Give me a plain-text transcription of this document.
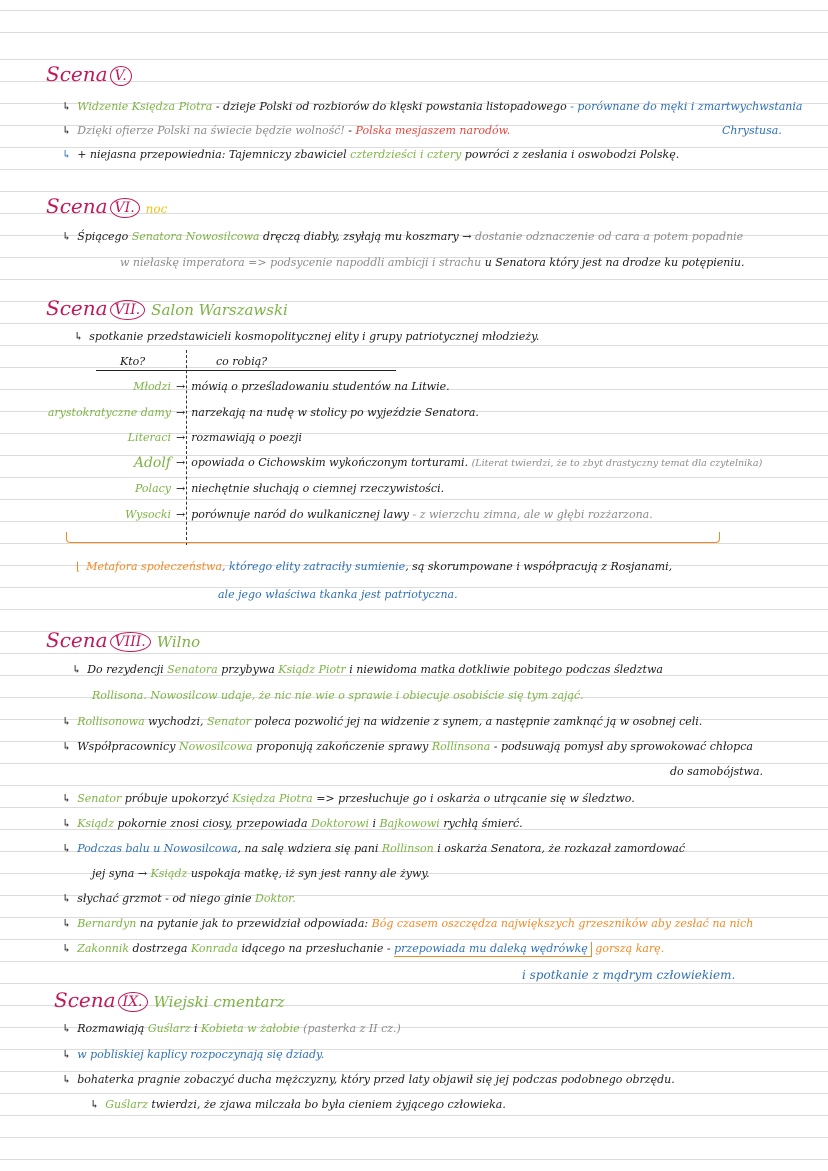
Scena V.
↳ Widzenie Księdza Piotra - dzieje Polski od rozbiorów do klęski powstania listopadowego - porównane do męki i zmartwychwstania
↳ Dzięki ofierze Polski na świecie będzie wolność! - Polska mesjaszem narodów.	Chrystusa.
↳ + niejasna przepowiednia: Tajemniczy zbawiciel czterdzieści i cztery powróci z zesłania i oswobodzi Polskę.
Scena VI. noc
↳ Śpiącego Senatora Nowosilcowa dręczą diabły, zsyłają mu koszmary → dostanie odznaczenie od cara a potem popadnie
w niełaskę imperatora => podsycenie napoddli ambicji i strachu u Senatora który jest na drodze ku potępieniu.
Scena VII. Salon Warszawski
↳ spotkanie przedstawicieli kosmopolitycznej elity i grupy patriotycznej młodzieży.
Kto?	co robią?
Młodzi → mówią o prześladowaniu studentów na Litwie.
arystokratyczne damy → narzekają na nudę w stolicy po wyjeździe Senatora.
Literaci → rozmawiają o poezji
Adolf → opowiada o Cichowskim wykończonym torturami. (Literat twierdzi, że to zbyt drastyczny temat dla czytelnika)
Polacy → niechętnie słuchają o ciemnej rzeczywistości.
Wysocki → porównuje naród do wulkanicznej lawy - z wierzchu zimna, ale w głębi rozżarzona.
⌊ Metafora społeczeństwa, którego elity zatraciły sumienie, są skorumpowane i współpracują z Rosjanami,
ale jego właściwa tkanka jest patriotyczna.
Scena VIII. Wilno
↳ Do rezydencji Senatora przybywa Ksiądz Piotr i niewidoma matka dotkliwie pobitego podczas śledztwa
Rollisona. Nowosilcow udaje, że nic nie wie o sprawie i obiecuje osobiście się tym zająć.
↳ Rollisonowa wychodzi, Senator poleca pozwolić jej na widzenie z synem, a następnie zamknąć ją w osobnej celi.
↳ Współpracownicy Nowosilcowa proponują zakończenie sprawy Rollinsona - podsuwają pomysł aby sprowokować chłopca
do samobójstwa.
↳ Senator próbuje upokorzyć Księdza Piotra => przesłuchuje go i oskarża o utrącanie się w śledztwo.
↳ Ksiądz pokornie znosi ciosy, przepowiada Doktorowi i Bajkowowi rychłą śmierć.
↳ Podczas balu u Nowosilcowa, na salę wdziera się pani Rollinson i oskarża Senatora, że rozkazał zamordować
jej syna → Ksiądz uspokaja matkę, iż syn jest ranny ale żywy.
↳ słychać grzmot - od niego ginie Doktor.
↳ Bernardyn na pytanie jak to przewidział odpowiada: Bóg czasem oszczędza największych grzeszników aby zesłać na nich
↳ Zakonnik dostrzega Konrada idącego na przesłuchanie - przepowiada mu daleką wędrówkę gorszą karę.
i spotkanie z mądrym człowiekiem.
Scena IX. Wiejski cmentarz
↳ Rozmawiają Guślarz i Kobieta w żałobie (pasterka z II cz.)
↳ w pobliskiej kaplicy rozpoczynają się dziady.
↳ bohaterka pragnie zobaczyć ducha mężczyzny, który przed laty objawił się jej podczas podobnego obrzędu.
↳ Guślarz twierdzi, że zjawa milczała bo była cieniem żyjącego człowieka.
